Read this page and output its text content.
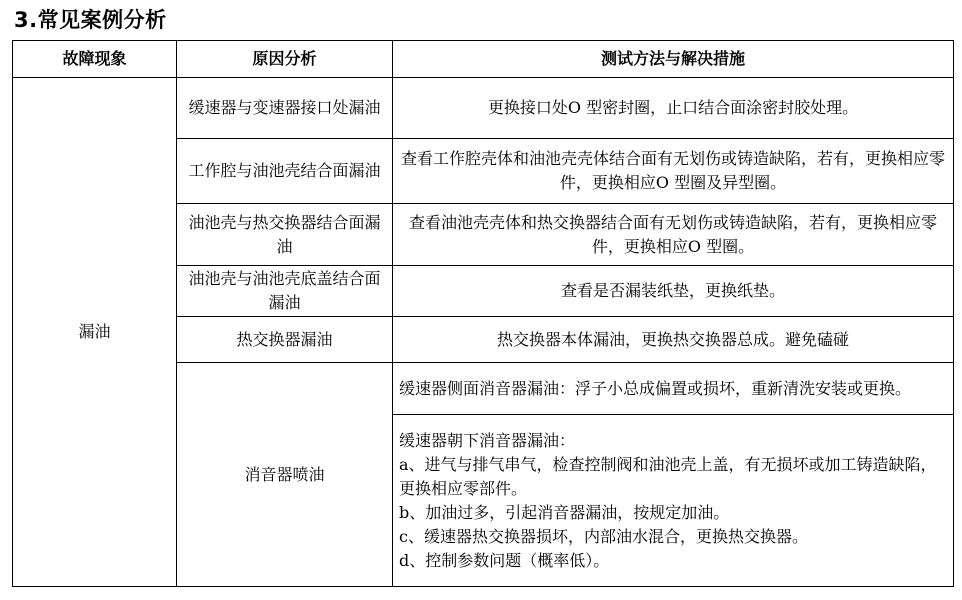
3.常见案例分析
故障现象	原因分析	测试方法与解决措施
漏油	缓速器与变速器接口处漏油	更换接口处O 型密封圈，止口结合面涂密封胶处理。
	工作腔与油池壳结合面漏油	查看工作腔壳体和油池壳壳体结合面有无划伤或铸造缺陷，若有，更换相应零件，更换相应O 型圈及异型圈。
	油池壳与热交换器结合面漏油	查看油池壳壳体和热交换器结合面有无划伤或铸造缺陷，若有，更换相应零件，更换相应O 型圈。
	油池壳与油池壳底盖结合面漏油	查看是否漏装纸垫，更换纸垫。
	热交换器漏油	热交换器本体漏油，更换热交换器总成。避免磕碰
	消音器喷油	缓速器侧面消音器漏油：浮子小总成偏置或损坏，重新清洗安装或更换。

		缓速器朝下消音器漏油：
a、进气与排气串气，检查控制阀和油池壳上盖，有无损坏或加工铸造缺陷，更换相应零部件。
b、加油过多，引起消音器漏油，按规定加油。
c、缓速器热交换器损坏，内部油水混合，更换热交换器。
d、控制参数问题（概率低）。
